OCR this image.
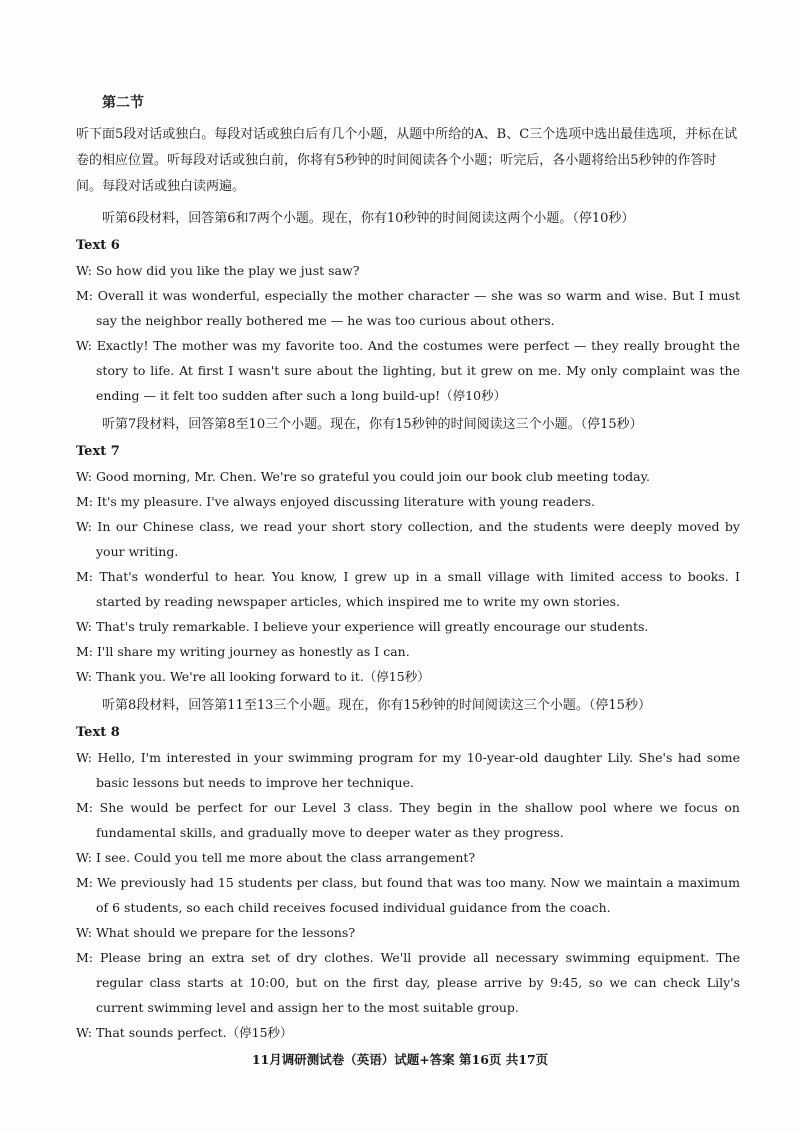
第二节

听下面5段对话或独白。每段对话或独白后有几个小题，从题中所给的A、B、C三个选项中选出最佳选项，并标在试卷的相应位置。听每段对话或独白前，你将有5秒钟的时间阅读各个小题；听完后，各小题将给出5秒钟的作答时间。每段对话或独白读两遍。

听第6段材料，回答第6和7两个小题。现在，你有10秒钟的时间阅读这两个小题。（停10秒）

Text 6

W: So how did you like the play we just saw?

M: Overall it was wonderful, especially the mother character — she was so warm and wise. But I must say the neighbor really bothered me — he was too curious about others.

W: Exactly! The mother was my favorite too. And the costumes were perfect — they really brought the story to life. At first I wasn't sure about the lighting, but it grew on me. My only complaint was the ending — it felt too sudden after such a long build-up!（停10秒）

听第7段材料，回答第8至10三个小题。现在，你有15秒钟的时间阅读这三个小题。（停15秒）

Text 7

W: Good morning, Mr. Chen. We're so grateful you could join our book club meeting today.

M: It's my pleasure. I've always enjoyed discussing literature with young readers.

W: In our Chinese class, we read your short story collection, and the students were deeply moved by your writing.

M: That's wonderful to hear. You know, I grew up in a small village with limited access to books. I started by reading newspaper articles, which inspired me to write my own stories.

W: That's truly remarkable. I believe your experience will greatly encourage our students.

M: I'll share my writing journey as honestly as I can.

W: Thank you. We're all looking forward to it.（停15秒）

听第8段材料，回答第11至13三个小题。现在，你有15秒钟的时间阅读这三个小题。（停15秒）

Text 8

W: Hello, I'm interested in your swimming program for my 10-year-old daughter Lily. She's had some basic lessons but needs to improve her technique.

M: She would be perfect for our Level 3 class. They begin in the shallow pool where we focus on fundamental skills, and gradually move to deeper water as they progress.

W: I see. Could you tell me more about the class arrangement?

M: We previously had 15 students per class, but found that was too many. Now we maintain a maximum of 6 students, so each child receives focused individual guidance from the coach.

W: What should we prepare for the lessons?

M: Please bring an extra set of dry clothes. We'll provide all necessary swimming equipment. The regular class starts at 10:00, but on the first day, please arrive by 9:45, so we can check Lily's current swimming level and assign her to the most suitable group.

W: That sounds perfect.（停15秒）

11月调研测试卷（英语）试题+答案 第16页 共17页
